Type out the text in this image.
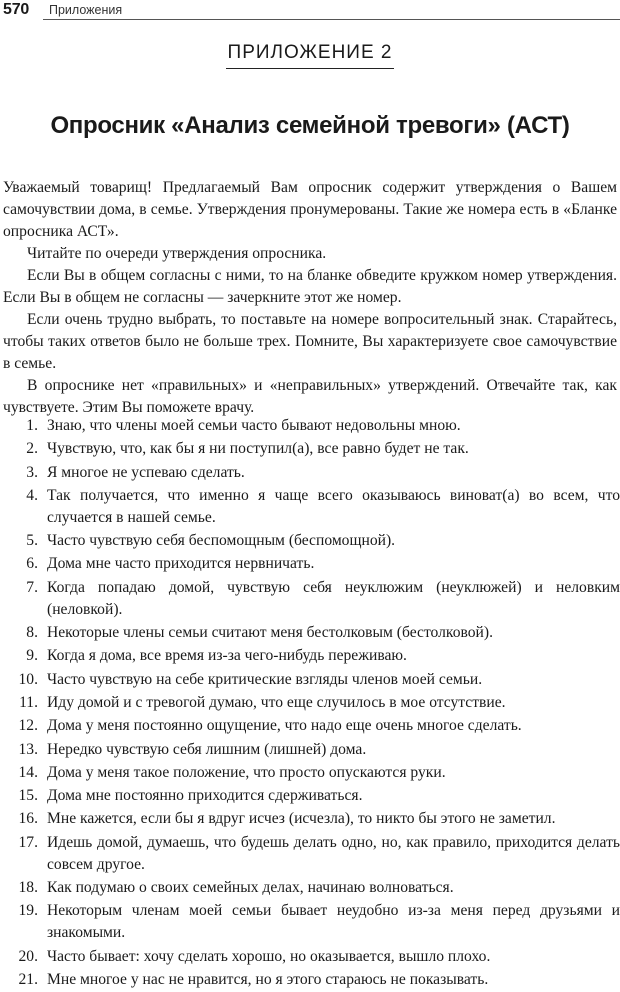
570 Приложения
ПРИЛОЖЕНИЕ 2
Опросник «Анализ семейной тревоги» (АСТ)

Уважаемый товарищ! Предлагаемый Вам опросник содержит утверждения о Вашем самочувствии дома, в семье. Утверждения пронумерованы. Такие же номера есть в «Бланке опросника АСТ».

Читайте по очереди утверждения опросника.

Если Вы в общем согласны с ними, то на бланке обведите кружком номер утверждения. Если Вы в общем не согласны — зачеркните этот же номер.

Если очень трудно выбрать, то поставьте на номере вопросительный знак. Старайтесь, чтобы таких ответов было не больше трех. Помните, Вы характеризуете свое самочувствие в семье.

В опроснике нет «правильных» и «неправильных» утверждений. Отвечайте так, как чувствуете. Этим Вы поможете врачу.

1. Знаю, что члены моей семьи часто бывают недовольны мною.
2. Чувствую, что, как бы я ни поступил(а), все равно будет не так.
3. Я многое не успеваю сделать.
4. Так получается, что именно я чаще всего оказываюсь виноват(а) во всем, что случается в нашей семье.
5. Часто чувствую себя беспомощным (беспомощной).
6. Дома мне часто приходится нервничать.
7. Когда попадаю домой, чувствую себя неуклюжим (неуклюжей) и неловким (неловкой).
8. Некоторые члены семьи считают меня бестолковым (бестолковой).
9. Когда я дома, все время из-за чего-нибудь переживаю.
10. Часто чувствую на себе критические взгляды членов моей семьи.
11. Иду домой и с тревогой думаю, что еще случилось в мое отсутствие.
12. Дома у меня постоянно ощущение, что надо еще очень многое сделать.
13. Нередко чувствую себя лишним (лишней) дома.
14. Дома у меня такое положение, что просто опускаются руки.
15. Дома мне постоянно приходится сдерживаться.
16. Мне кажется, если бы я вдруг исчез (исчезла), то никто бы этого не заметил.
17. Идешь домой, думаешь, что будешь делать одно, но, как правило, приходится делать совсем другое.
18. Как подумаю о своих семейных делах, начинаю волноваться.
19. Некоторым членам моей семьи бывает неудобно из-за меня перед друзьями и знакомыми.
20. Часто бывает: хочу сделать хорошо, но оказывается, вышло плохо.
21. Мне многое у нас не нравится, но я этого стараюсь не показывать.
